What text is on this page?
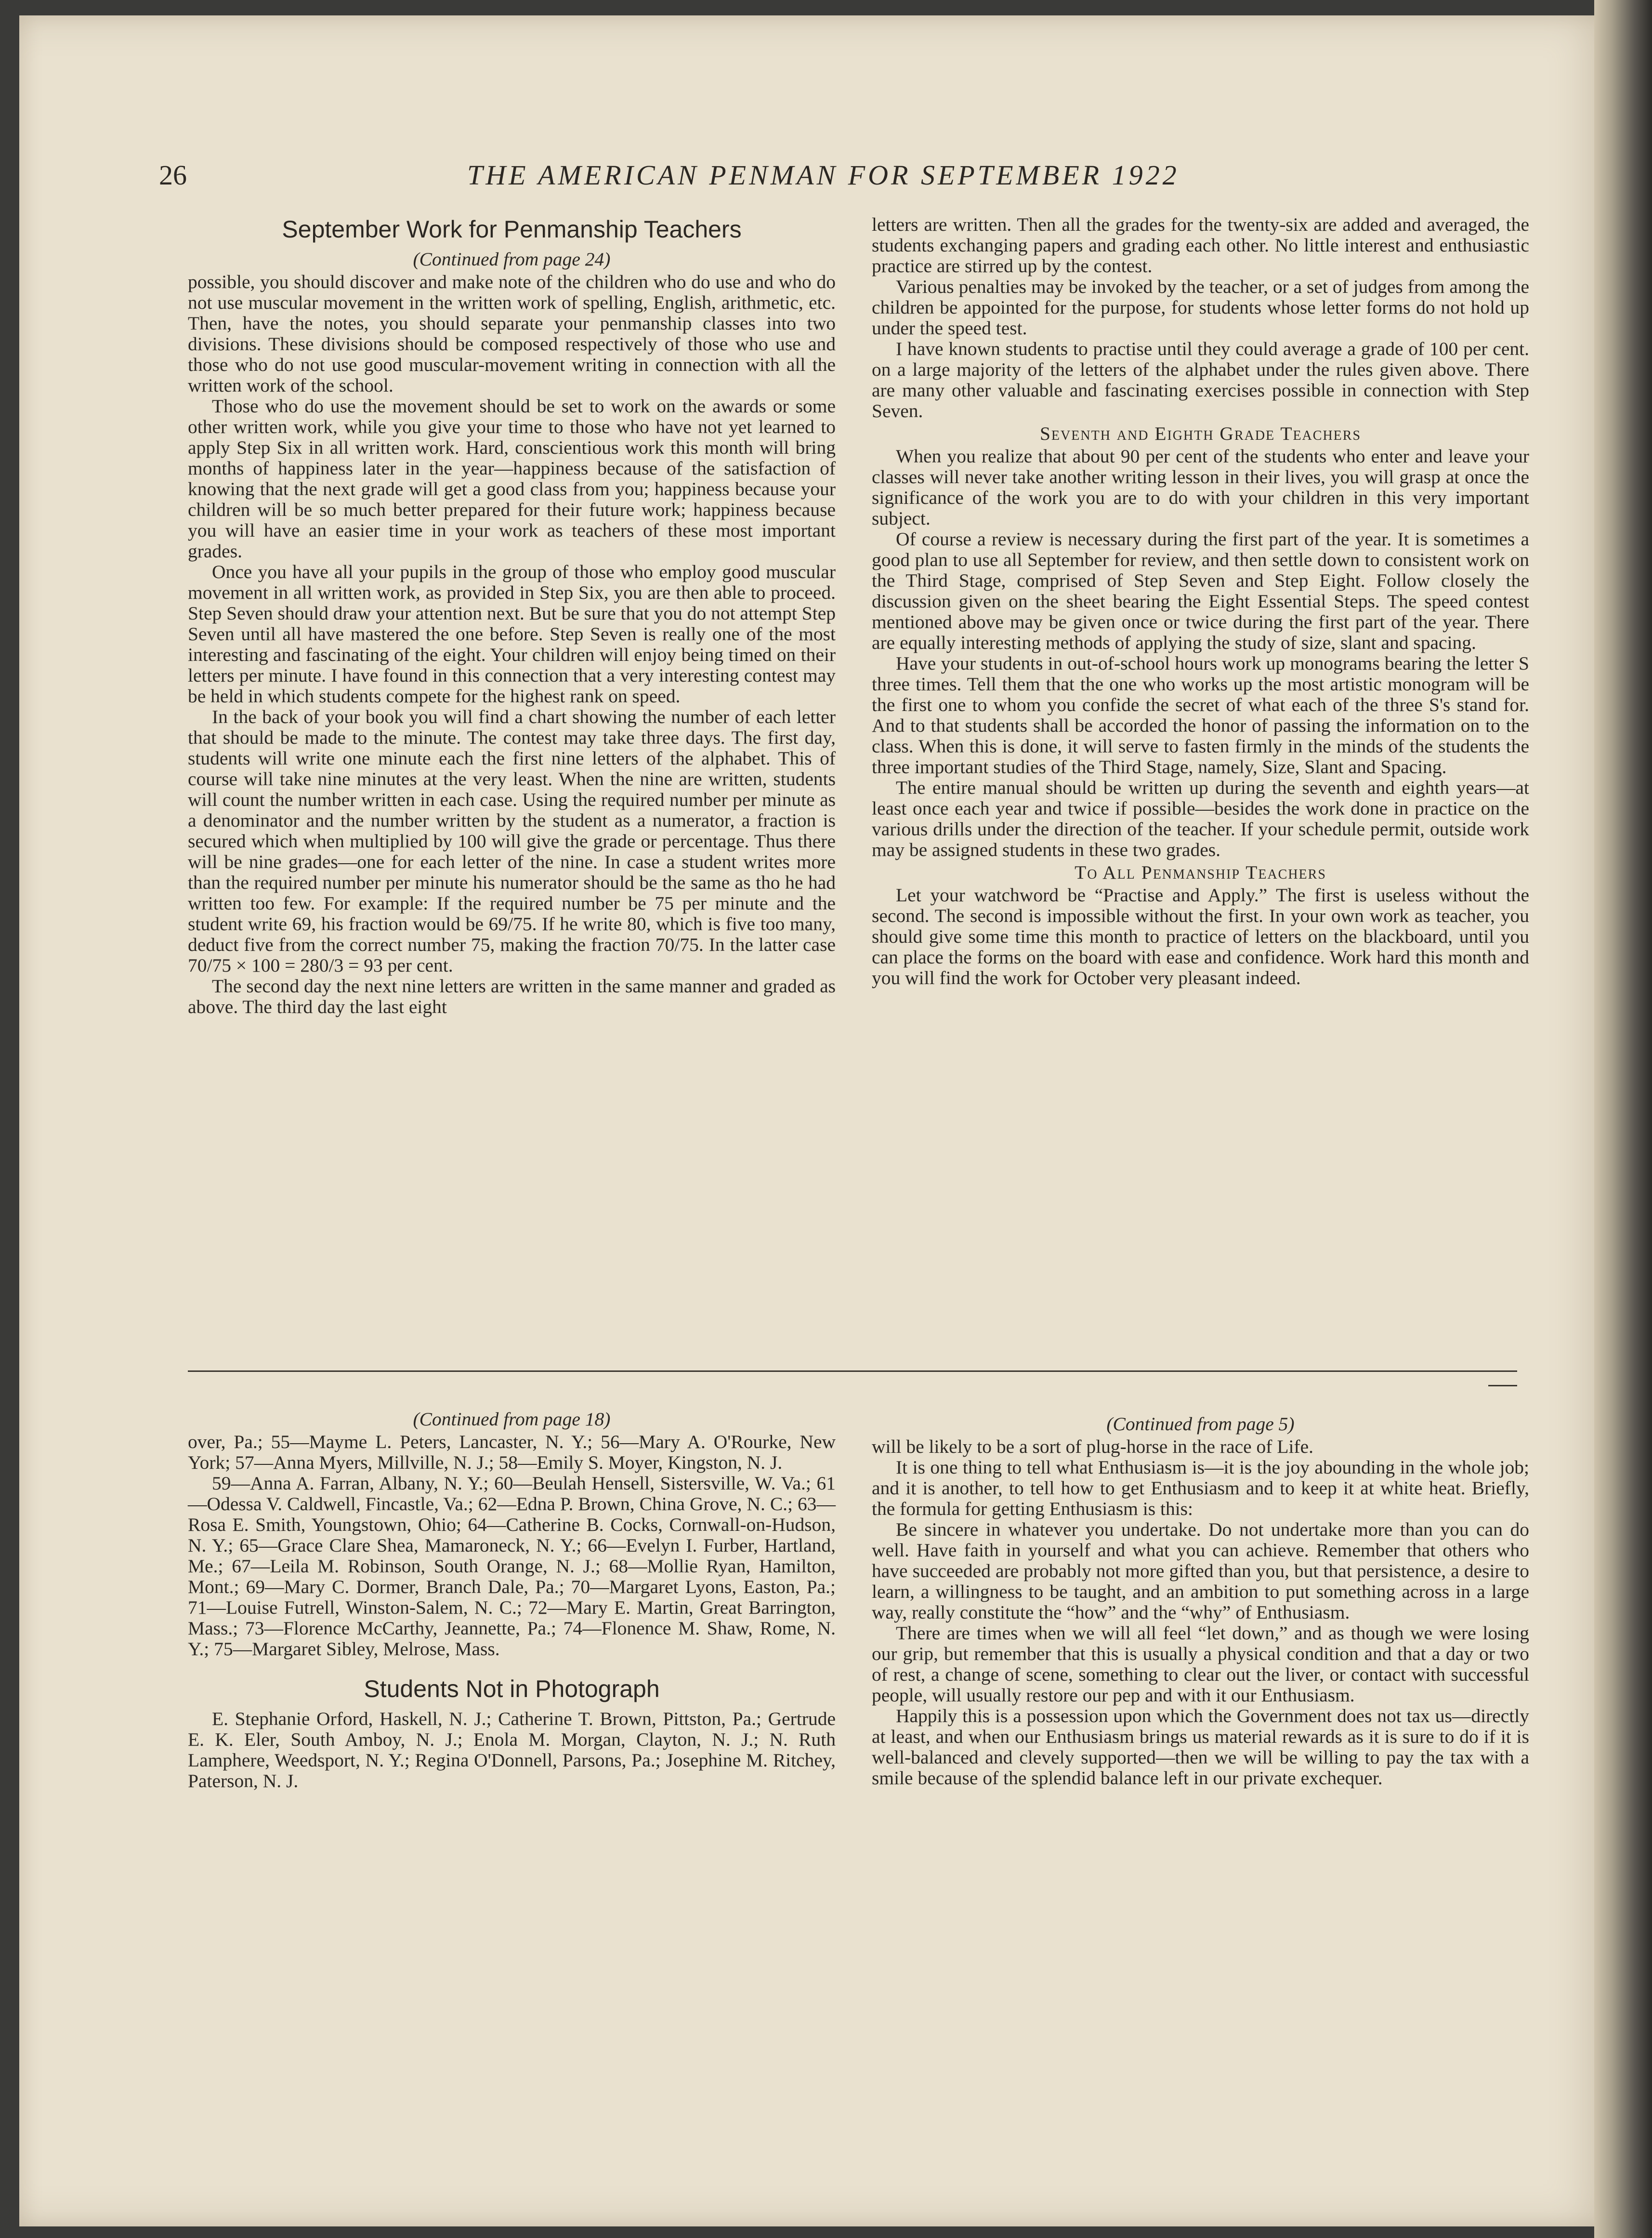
26	THE AMERICAN PENMAN FOR SEPTEMBER 1922
September Work for Penmanship Teachers

(Continued from page 24)

possible, you should discover and make note of the children who do use and who do not use muscular movement in the written work of spelling, English, arithmetic, etc. Then, have the notes, you should separate your penmanship classes into two divisions. These divisions should be composed respectively of those who use and those who do not use good muscular-movement writing in connection with all the written work of the school.

Those who do use the movement should be set to work on the awards or some other written work, while you give your time to those who have not yet learned to apply Step Six in all written work. Hard, conscientious work this month will bring months of happiness later in the year—happiness because of the satisfaction of knowing that the next grade will get a good class from you; happiness because your children will be so much better prepared for their future work; happiness because you will have an easier time in your work as teachers of these most important grades.

Once you have all your pupils in the group of those who employ good muscular movement in all written work, as provided in Step Six, you are then able to proceed. Step Seven should draw your attention next. But be sure that you do not attempt Step Seven until all have mastered the one before. Step Seven is really one of the most interesting and fascinating of the eight. Your children will enjoy being timed on their letters per minute. I have found in this connection that a very interesting contest may be held in which students compete for the highest rank on speed.

In the back of your book you will find a chart showing the number of each letter that should be made to the minute. The contest may take three days. The first day, students will write one minute each the first nine letters of the alphabet. This of course will take nine minutes at the very least. When the nine are written, students will count the number written in each case. Using the required number per minute as a denominator and the number written by the student as a numerator, a fraction is secured which when multiplied by 100 will give the grade or percentage. Thus there will be nine grades—one for each letter of the nine. In case a student writes more than the required number per minute his numerator should be the same as tho he had written too few. For example: If the required number be 75 per minute and the student write 69, his fraction would be 69/75. If he write 80, which is five too many, deduct five from the correct number 75, making the fraction 70/75. In the latter case 70/75 × 100 = 280/3 = 93 per cent.

The second day the next nine letters are written in the same manner and graded as above. The third day the last eight

letters are written. Then all the grades for the twenty-six are added and averaged, the students exchanging papers and grading each other. No little interest and enthusiastic practice are stirred up by the contest.

Various penalties may be invoked by the teacher, or a set of judges from among the children be appointed for the purpose, for students whose letter forms do not hold up under the speed test.

I have known students to practise until they could average a grade of 100 per cent. on a large majority of the letters of the alphabet under the rules given above. There are many other valuable and fascinating exercises possible in connection with Step Seven.

Seventh and Eighth Grade Teachers

When you realize that about 90 per cent of the students who enter and leave your classes will never take another writing lesson in their lives, you will grasp at once the significance of the work you are to do with your children in this very important subject.

Of course a review is necessary during the first part of the year. It is sometimes a good plan to use all September for review, and then settle down to consistent work on the Third Stage, comprised of Step Seven and Step Eight. Follow closely the discussion given on the sheet bearing the Eight Essential Steps. The speed contest mentioned above may be given once or twice during the first part of the year. There are equally interesting methods of applying the study of size, slant and spacing.

Have your students in out-of-school hours work up monograms bearing the letter S three times. Tell them that the one who works up the most artistic monogram will be the first one to whom you confide the secret of what each of the three S's stand for. And to that students shall be accorded the honor of passing the information on to the class. When this is done, it will serve to fasten firmly in the minds of the students the three important studies of the Third Stage, namely, Size, Slant and Spacing.

The entire manual should be written up during the seventh and eighth years—at least once each year and twice if possible—besides the work done in practice on the various drills under the direction of the teacher. If your schedule permit, outside work may be assigned students in these two grades.

To All Penmanship Teachers

Let your watchword be “Practise and Apply.” The first is useless without the second. The second is impossible without the first. In your own work as teacher, you should give some time this month to practice of letters on the blackboard, until you can place the forms on the board with ease and confidence. Work hard this month and you will find the work for October very pleasant indeed.

(Continued from page 18)

over, Pa.; 55—Mayme L. Peters, Lancaster, N. Y.; 56—Mary A. O'Rourke, New York; 57—Anna Myers, Millville, N. J.; 58—Emily S. Moyer, Kingston, N. J.

59—Anna A. Farran, Albany, N. Y.; 60—Beulah Hensell, Sistersville, W. Va.; 61—Odessa V. Caldwell, Fincastle, Va.; 62—Edna P. Brown, China Grove, N. C.; 63—Rosa E. Smith, Youngstown, Ohio; 64—Catherine B. Cocks, Cornwall-on-Hudson, N. Y.; 65—Grace Clare Shea, Mamaroneck, N. Y.; 66—Evelyn I. Furber, Hartland, Me.; 67—Leila M. Robinson, South Orange, N. J.; 68—Mollie Ryan, Hamilton, Mont.; 69—Mary C. Dormer, Branch Dale, Pa.; 70—Margaret Lyons, Easton, Pa.; 71—Louise Futrell, Winston-Salem, N. C.; 72—Mary E. Martin, Great Barrington, Mass.; 73—Florence McCarthy, Jeannette, Pa.; 74—Flonence M. Shaw, Rome, N. Y.; 75—Margaret Sibley, Melrose, Mass.

Students Not in Photograph

E. Stephanie Orford, Haskell, N. J.; Catherine T. Brown, Pittston, Pa.; Gertrude E. K. Eler, South Amboy, N. J.; Enola M. Morgan, Clayton, N. J.; N. Ruth Lamphere, Weedsport, N. Y.; Regina O'Donnell, Parsons, Pa.; Josephine M. Ritchey, Paterson, N. J.

(Continued from page 5)

will be likely to be a sort of plug-horse in the race of Life.

It is one thing to tell what Enthusiasm is—it is the joy abounding in the whole job; and it is another, to tell how to get Enthusiasm and to keep it at white heat. Briefly, the formula for getting Enthusiasm is this:

Be sincere in whatever you undertake. Do not undertake more than you can do well. Have faith in yourself and what you can achieve. Remember that others who have succeeded are probably not more gifted than you, but that persistence, a desire to learn, a willingness to be taught, and an ambition to put something across in a large way, really constitute the “how” and the “why” of Enthusiasm.

There are times when we will all feel “let down,” and as though we were losing our grip, but remember that this is usually a physical condition and that a day or two of rest, a change of scene, something to clear out the liver, or contact with successful people, will usually restore our pep and with it our Enthusiasm.

Happily this is a possession upon which the Government does not tax us—directly at least, and when our Enthusiasm brings us material rewards as it is sure to do if it is well-balanced and clevely supported—then we will be willing to pay the tax with a smile because of the splendid balance left in our private exchequer.
